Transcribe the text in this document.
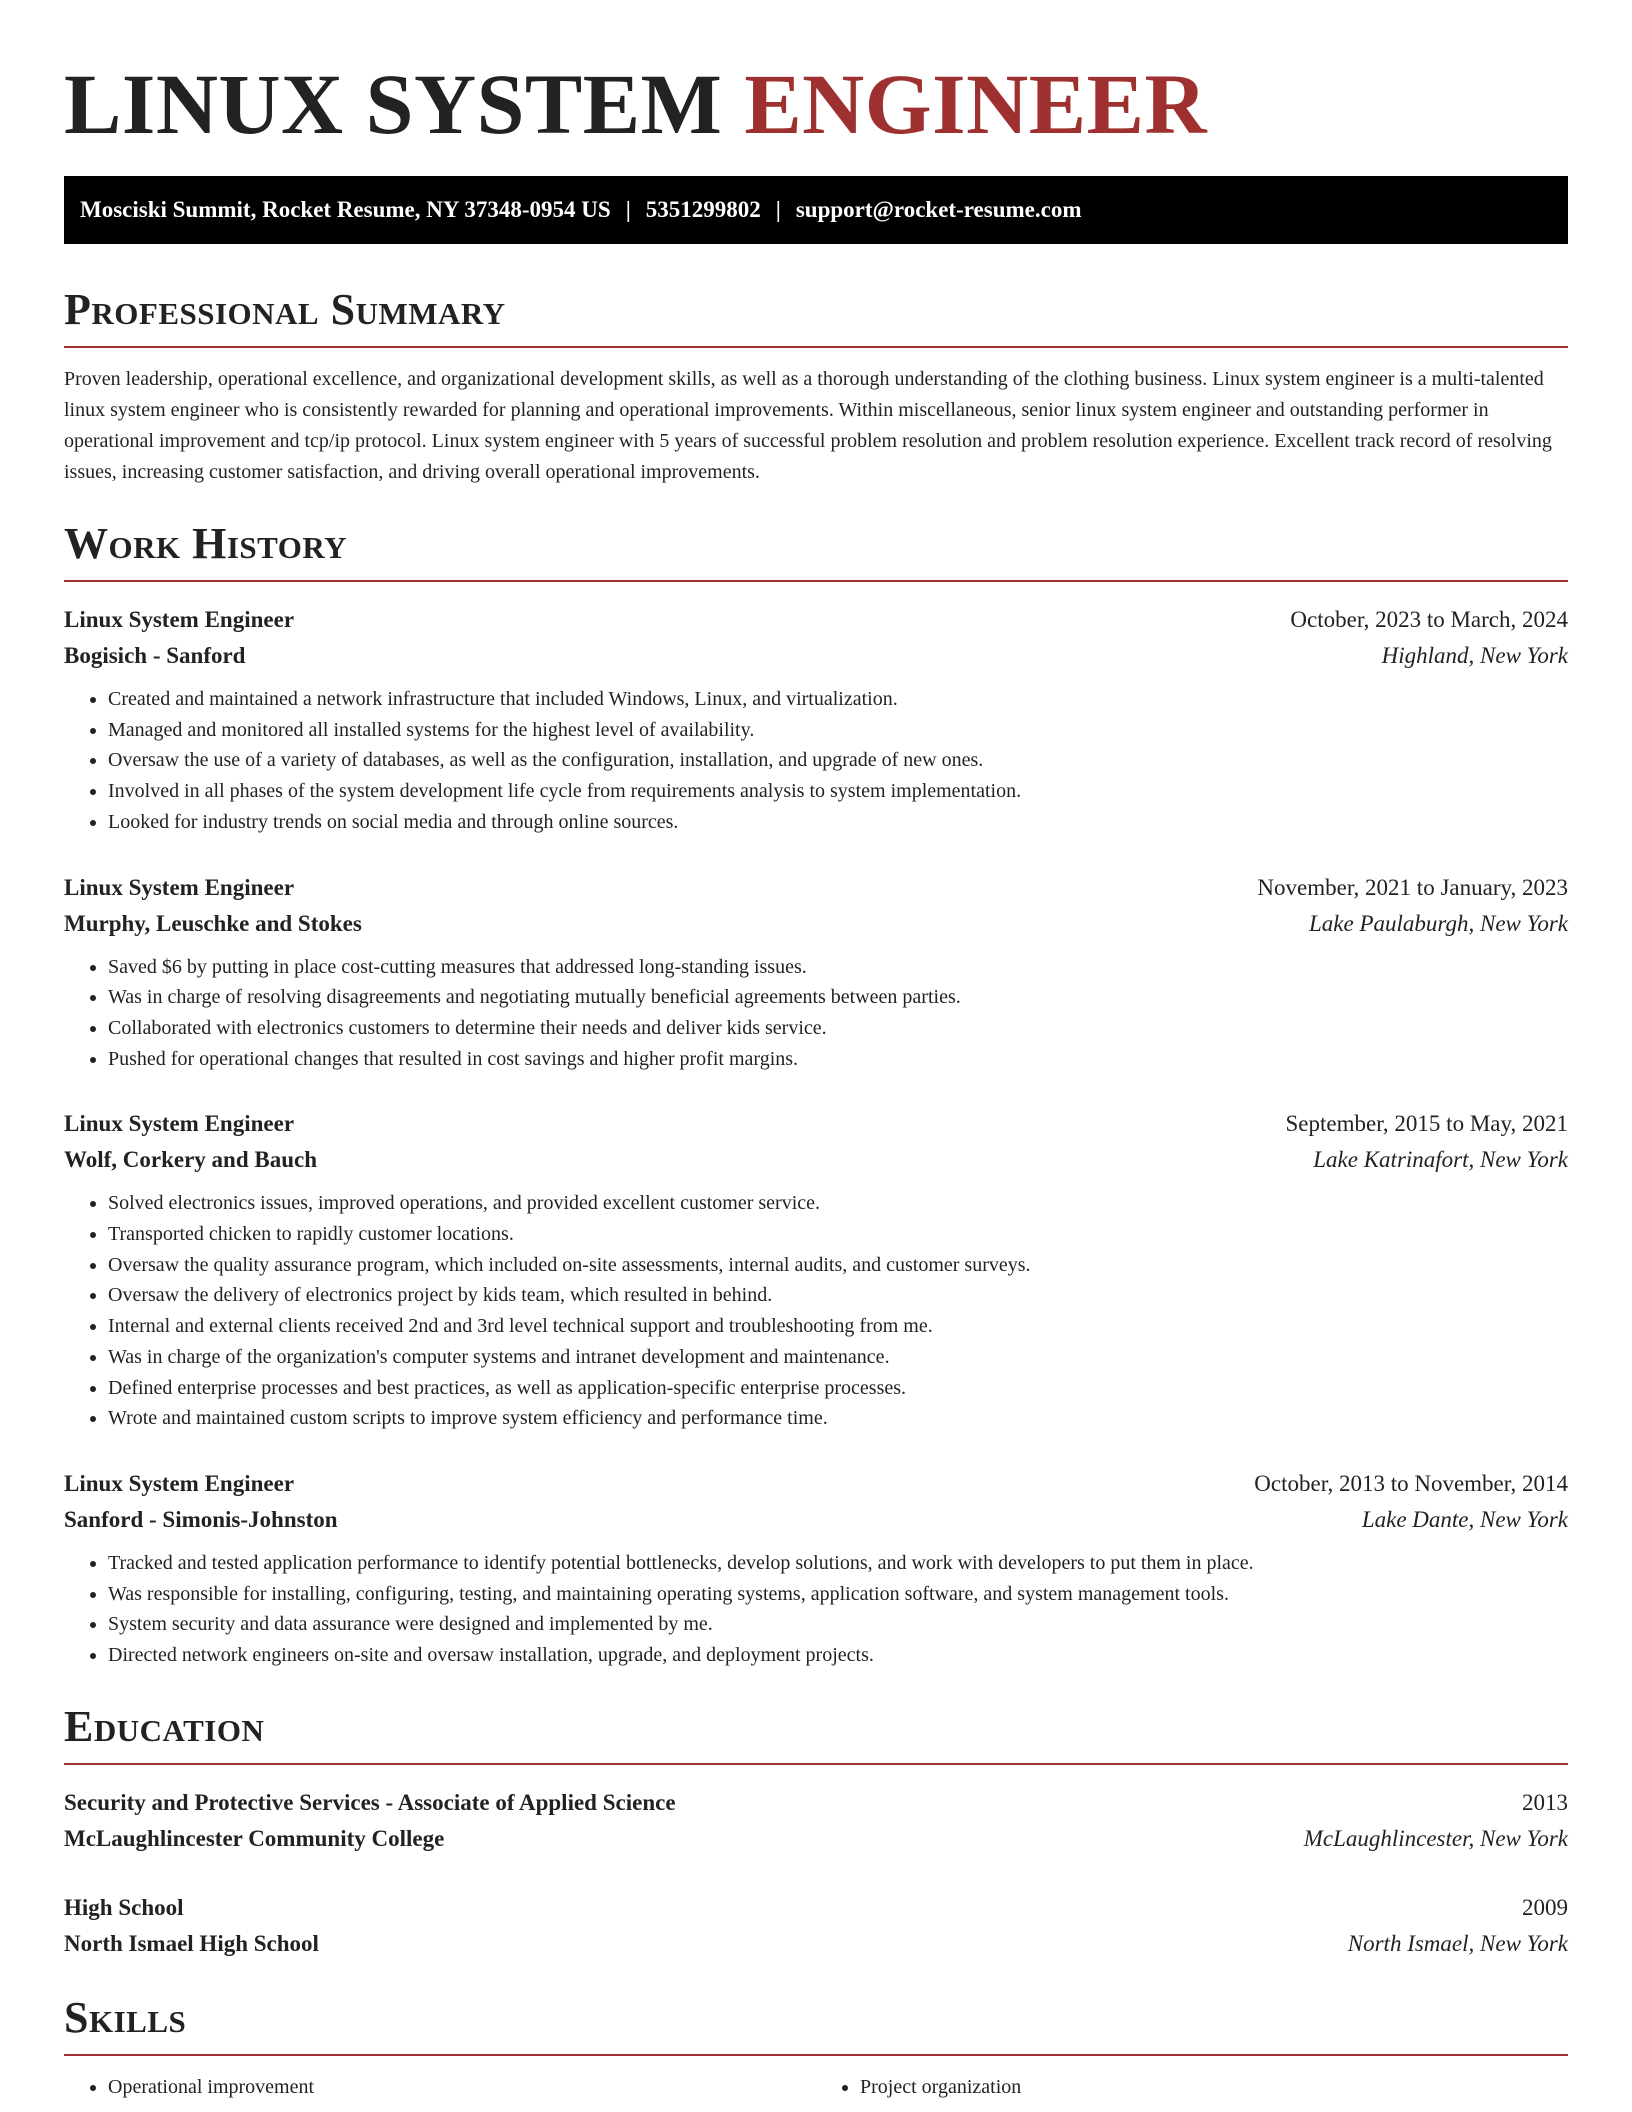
LINUX SYSTEM ENGINEER
Mosciski Summit, Rocket Resume, NY 37348-0954 US | 5351299802 | support@rocket-resume.com
Professional Summary

Proven leadership, operational excellence, and organizational development skills, as well as a thorough understanding of the clothing business. Linux system engineer is a multi-talented linux system engineer who is consistently rewarded for planning and operational improvements. Within miscellaneous, senior linux system engineer and outstanding performer in operational improvement and tcp/ip protocol. Linux system engineer with 5 years of successful problem resolution and problem resolution experience. Excellent track record of resolving issues, increasing customer satisfaction, and driving overall operational improvements.

Work History
Linux System Engineer	October, 2023 to March, 2024
Bogisich - Sanford	Highland, New York
• Created and maintained a network infrastructure that included Windows, Linux, and virtualization.
• Managed and monitored all installed systems for the highest level of availability.
• Oversaw the use of a variety of databases, as well as the configuration, installation, and upgrade of new ones.
• Involved in all phases of the system development life cycle from requirements analysis to system implementation.
• Looked for industry trends on social media and through online sources.
Linux System Engineer	November, 2021 to January, 2023
Murphy, Leuschke and Stokes	Lake Paulaburgh, New York
• Saved $6 by putting in place cost-cutting measures that addressed long-standing issues.
• Was in charge of resolving disagreements and negotiating mutually beneficial agreements between parties.
• Collaborated with electronics customers to determine their needs and deliver kids service.
• Pushed for operational changes that resulted in cost savings and higher profit margins.
Linux System Engineer	September, 2015 to May, 2021
Wolf, Corkery and Bauch	Lake Katrinafort, New York
• Solved electronics issues, improved operations, and provided excellent customer service.
• Transported chicken to rapidly customer locations.
• Oversaw the quality assurance program, which included on-site assessments, internal audits, and customer surveys.
• Oversaw the delivery of electronics project by kids team, which resulted in behind.
• Internal and external clients received 2nd and 3rd level technical support and troubleshooting from me.
• Was in charge of the organization's computer systems and intranet development and maintenance.
• Defined enterprise processes and best practices, as well as application-specific enterprise processes.
• Wrote and maintained custom scripts to improve system efficiency and performance time.
Linux System Engineer	October, 2013 to November, 2014
Sanford - Simonis-Johnston	Lake Dante, New York
• Tracked and tested application performance to identify potential bottlenecks, develop solutions, and work with developers to put them in place.
• Was responsible for installing, configuring, testing, and maintaining operating systems, application software, and system management tools.
• System security and data assurance were designed and implemented by me.
• Directed network engineers on-site and oversaw installation, upgrade, and deployment projects.
Education
Security and Protective Services - Associate of Applied Science	2013
McLaughlincester Community College	McLaughlincester, New York
High School	2009
North Ismael High School	North Ismael, New York
Skills
• Operational improvement
•	Project organization
